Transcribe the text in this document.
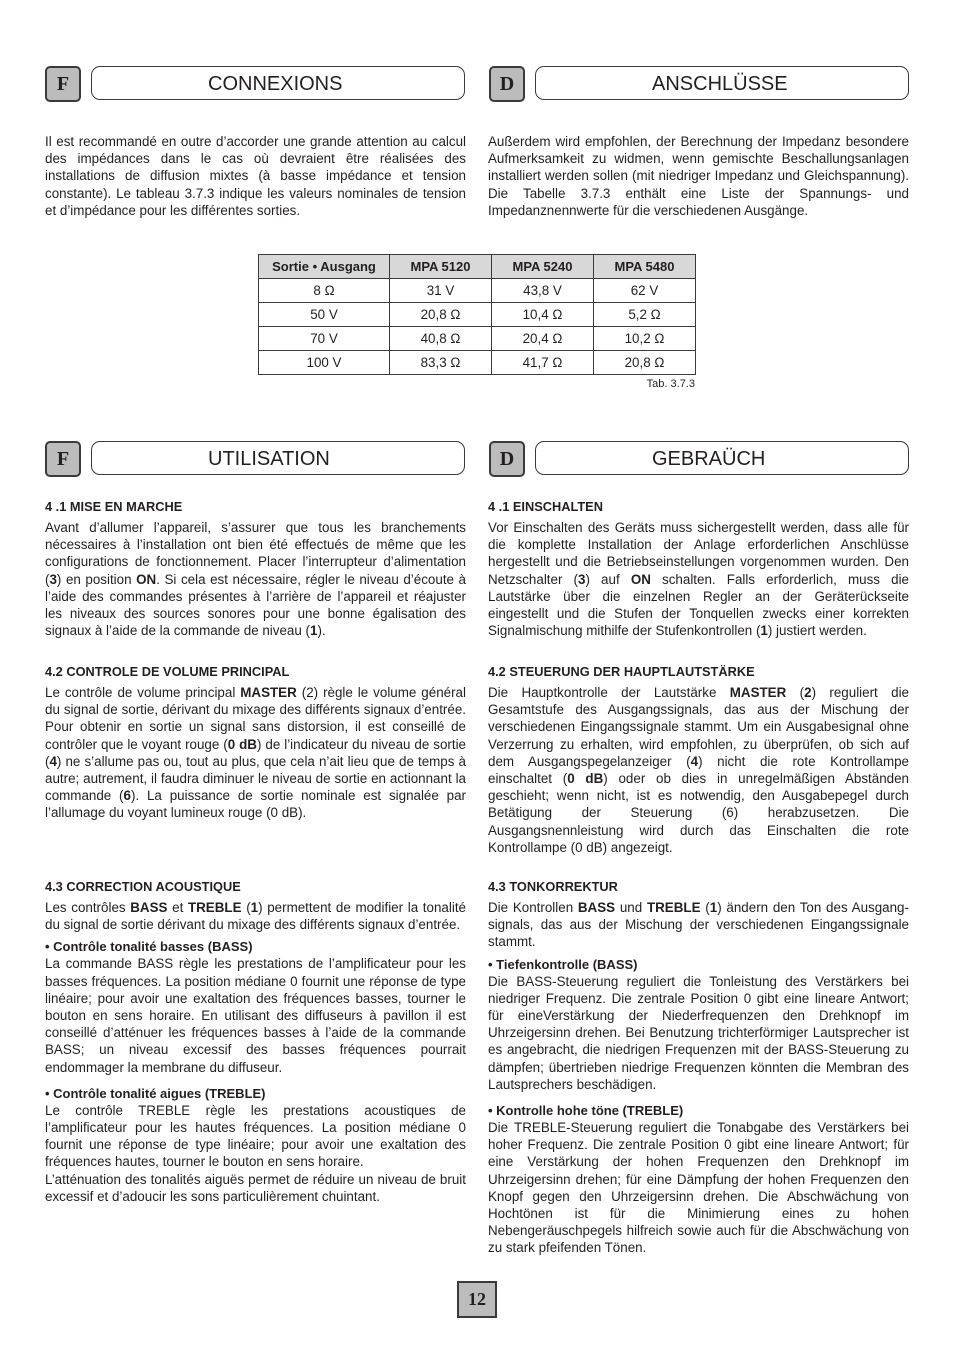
F	CONNEXIONS	D	ANSCHLÜSSE

Il est recommandé en outre d’accorder une grande attention au calcul des impédances dans le cas où devraient être réalisées des installations de diffusion mixtes (à basse impédance et tension constante). Le tableau 3.7.3 indique les valeurs nominales de tension et d’impédance pour les différentes sorties.

Außerdem wird empfohlen, der Berechnung der Impedanz besondere Aufmerksamkeit zu widmen, wenn gemischte Beschallungsanlagen installiert werden sollen (mit niedriger Impedanz und Gleichspannung). Die Tabelle 3.7.3 enthält eine Liste der Spannungs- und Impedanznennwerte für die verschiedenen Ausgänge.

Sortie • Ausgang	MPA 5120	MPA 5240	MPA 5480
8 Ω	31 V	43,8 V	62 V
50 V	20,8 Ω	10,4 Ω	5,2 Ω
70 V	40,8 Ω	20,4 Ω	10,2 Ω
100 V	83,3 Ω	41,7 Ω	20,8 Ω
Tab. 3.7.3
F	UTILISATION	D	GEBRAÜCH
4 .1 MISE EN MARCHE

Avant d’allumer l’appareil, s’assurer que tous les branchements nécessaires à l’installation ont bien été effectués de même que les configurations de fonctionnement. Placer l’interrupteur d’alimentation (3) en position ON. Si cela est nécessaire, régler le niveau d’écoute à l’aide des commandes présentes à l’arrière de l’appareil et réajuster les niveaux des sources sonores pour une bonne égalisation des signaux à l’aide de la commande de niveau (1).

4 .1 EINSCHALTEN

Vor Einschalten des Geräts muss sichergestellt werden, dass alle für die komplette Installation der Anlage erforderlichen Anschlüsse hergestellt und die Betriebseinstellungen vorgenommen wurden. Den Netzschalter (3) auf ON schalten. Falls erforderlich, muss die Lautstärke über die einzelnen Regler an der Geräterückseite eingestellt und die Stufen der Tonquellen zwecks einer korrekten Signalmischung mithilfe der Stufenkontrollen (1) justiert werden.

4.2 CONTROLE DE VOLUME PRINCIPAL

Le contrôle de volume principal MASTER (2) règle le volume général du signal de sortie, dérivant du mixage des différents signaux d’entrée. Pour obtenir en sortie un signal sans distorsion, il est conseillé de contrôler que le voyant rouge (0 dB) de l’indicateur du niveau de sortie (4) ne s’allume pas ou, tout au plus, que cela n’ait lieu que de temps à autre; autrement, il faudra diminuer le niveau de sortie en actionnant la commande (6). La puissance de sortie nominale est signalée par l’allumage du voyant lumineux rouge (0 dB).

4.2 STEUERUNG DER HAUPTLAUTSTÄRKE

Die Hauptkontrolle der Lautstärke MASTER (2) reguliert die Gesamtstufe des Ausgangssignals, das aus der Mischung der verschiedenen Eingangssignale stammt. Um ein Ausgabesignal ohne Verzerrung zu erhalten, wird empfohlen, zu überprüfen, ob sich auf dem Ausgangspegelanzeiger (4) nicht die rote Kontrollampe einschaltet (0 dB) oder ob dies in unregelmäßigen Abständen geschieht; wenn nicht, ist es notwendig, den Ausgabepegel durch Betätigung der Steuerung (6) herabzusetzen. Die Ausgangsnennleistung wird durch das Einschalten die rote Kontrollampe (0 dB) angezeigt.

4.3 CORRECTION ACOUSTIQUE

Les contrôles BASS et TREBLE (1) permettent de modifier la tonalité du signal de sortie dérivant du mixage des différents signaux d’entrée.

• Contrôle tonalité basses (BASS)

La commande BASS règle les prestations de l’amplificateur pour les basses fréquences. La position médiane 0 fournit une réponse de type linéaire; pour avoir une exaltation des fréquences basses, tourner le bouton en sens horaire. En utilisant des diffuseurs à pavillon il est conseillé d’atténuer les fréquences basses à l’aide de la commande BASS; un niveau excessif des basses fréquences pourrait endommager la membrane du diffuseur.

• Contrôle tonalité aigues (TREBLE)

Le contrôle TREBLE règle les prestations acoustiques de l’amplificateur pour les hautes fréquences. La position médiane 0 fournit une réponse de type linéaire; pour avoir une exaltation des fréquences hautes, tourner le bouton en sens horaire.

L’atténuation des tonalités aiguës permet de réduire un niveau de bruit excessif et d’adoucir les sons particulièrement chuintant.

4.3 TONKORREKTUR

Die Kontrollen BASS und TREBLE (1) ändern den Ton des Ausgang-signals, das aus der Mischung der verschiedenen Eingangssignale stammt.

• Tiefenkontrolle (BASS)

Die BASS-Steuerung reguliert die Tonleistung des Verstärkers bei niedriger Frequenz. Die zentrale Position 0 gibt eine lineare Antwort; für eineVerstärkung der Niederfrequenzen den Drehknopf im Uhrzeigersinn drehen. Bei Benutzung trichterförmiger Lautsprecher ist es angebracht, die niedrigen Frequenzen mit der BASS-Steuerung zu dämpfen; übertrieben niedrige Frequenzen könnten die Membran des Lautsprechers beschädigen.

• Kontrolle hohe töne (TREBLE)

Die TREBLE-Steuerung reguliert die Tonabgabe des Verstärkers bei hoher Frequenz. Die zentrale Position 0 gibt eine lineare Antwort; für eine Verstärkung der hohen Frequenzen den Drehknopf im Uhrzeigersinn drehen; für eine Dämpfung der hohen Frequenzen den Knopf gegen den Uhrzeigersinn drehen. Die Abschwächung von Hochtönen ist für die Minimierung eines zu hohen Nebengeräuschpegels hilfreich sowie auch für die Abschwächung von zu stark pfeifenden Tönen.

12
